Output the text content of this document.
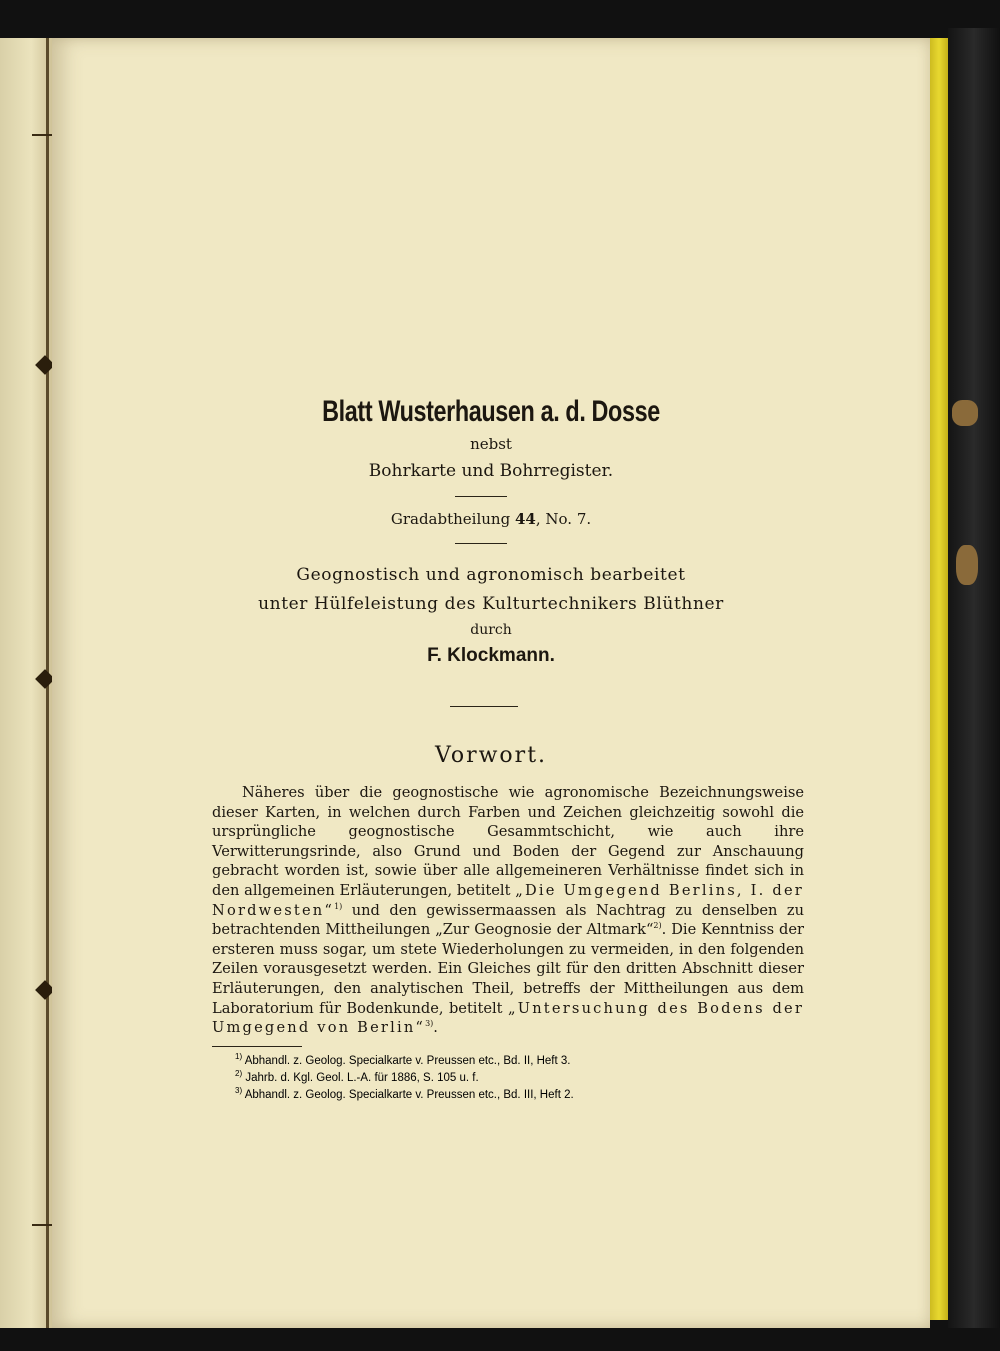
Blatt Wusterhausen a. d. Dosse
nebst
Bohrkarte und Bohrregister.
Gradabtheilung 44, No. 7.
Geognostisch und agronomisch bearbeitet
unter Hülfeleistung des Kulturtechnikers Blüthner
durch
F. Klockmann.
Vorwort.

Näheres über die geognostische wie agronomische Bezeichnungsweise dieser Karten, in welchen durch Farben und Zeichen gleichzeitig sowohl die ursprüngliche geognostische Gesammtschicht, wie auch ihre Verwitterungsrinde, also Grund und Boden der Gegend zur Anschauung gebracht worden ist, sowie über alle allgemeineren Verhältnisse findet sich in den allgemeinen Erläuterungen, betitelt „Die Umgegend Berlins, I. der Nordwesten“$^{1)}$ und den gewissermaassen als Nachtrag zu denselben zu betrachtenden Mittheilungen „Zur Geognosie der Altmark“$^{2)}$. Die Kenntniss der ersteren muss sogar, um stete Wiederholungen zu vermeiden, in den folgenden Zeilen vorausgesetzt werden. Ein Gleiches gilt für den dritten Abschnitt dieser Erläuterungen, den analytischen Theil, betreffs der Mittheilungen aus dem Laboratorium für Bodenkunde, betitelt „Untersuchung des Bodens der Umgegend von Berlin“$^{3)}$.

$^{1)}$ Abhandl. z. Geolog. Specialkarte v. Preussen etc., Bd. II, Heft 3.
$^{2)}$ Jahrb. d. Kgl. Geol. L.-A. für 1886, S. 105 u. f.
$^{3)}$ Abhandl. z. Geolog. Specialkarte v. Preussen etc., Bd. III, Heft 2.
